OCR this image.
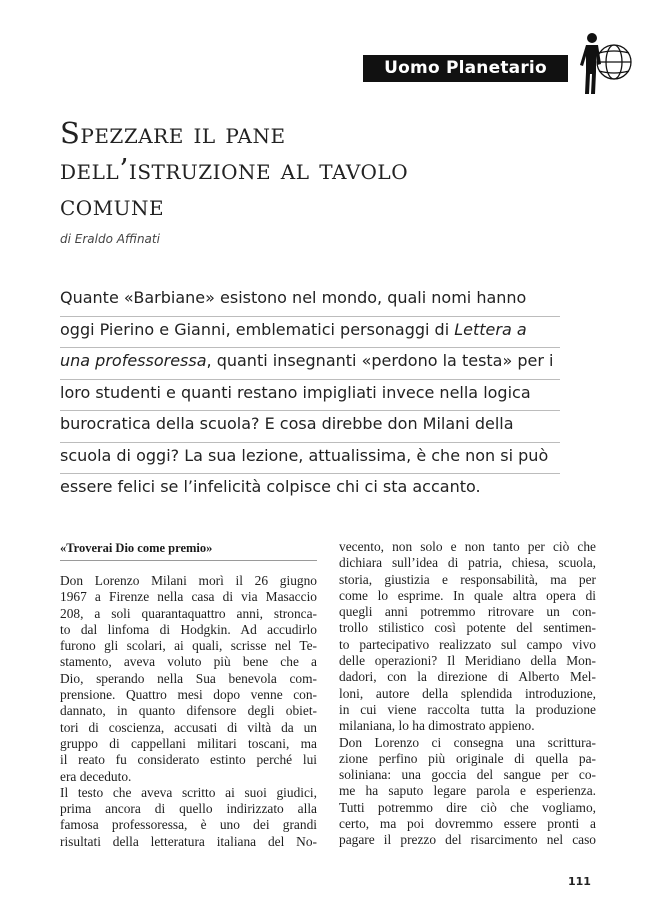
Uomo Planetario
Spezzare il pane
dell’istruzione al tavolo
comune

di Eraldo Affinati

Quante «Barbiane» esistono nel mondo, quali nomi hanno
oggi Pierino e Gianni, emblematici personaggi di Lettera a
una professoressa, quanti insegnanti «perdono la testa» per i
loro studenti e quanti restano impigliati invece nella logica
burocratica della scuola? E cosa direbbe don Milani della
scuola di oggi? La sua lezione, attualissima, è che non si può
essere felici se l’infelicità colpisce chi ci sta accanto.
«Troverai Dio come premio»
Don Lorenzo Milani morì il 26 giugno
1967 a Firenze nella casa di via Masaccio
208, a soli quarantaquattro anni, stronca-
to dal linfoma di Hodgkin. Ad accudirlo
furono gli scolari, ai quali, scrisse nel Te-
stamento, aveva voluto più bene che a
Dio, sperando nella Sua benevola com-
prensione. Quattro mesi dopo venne con-
dannato, in quanto difensore degli obiet-
tori di coscienza, accusati di viltà da un
gruppo di cappellani militari toscani, ma
il reato fu considerato estinto perché lui
era deceduto.
Il testo che aveva scritto ai suoi giudici,
prima ancora di quello indirizzato alla
famosa professoressa, è uno dei grandi
risultati della letteratura italiana del No-
vecento, non solo e non tanto per ciò che
dichiara sull’idea di patria, chiesa, scuola,
storia, giustizia e responsabilità, ma per
come lo esprime. In quale altra opera di
quegli anni potremmo ritrovare un con-
trollo stilistico così potente del sentimen-
to partecipativo realizzato sul campo vivo
delle operazioni? Il Meridiano della Mon-
dadori, con la direzione di Alberto Mel-
loni, autore della splendida introduzione,
in cui viene raccolta tutta la produzione
milaniana, lo ha dimostrato appieno.
Don Lorenzo ci consegna una scrittura-
zione perfino più originale di quella pa-
soliniana: una goccia del sangue per co-
me ha saputo legare parola e esperienza.
Tutti potremmo dire ciò che vogliamo,
certo, ma poi dovremmo essere pronti a
pagare il prezzo del risarcimento nel caso
111
